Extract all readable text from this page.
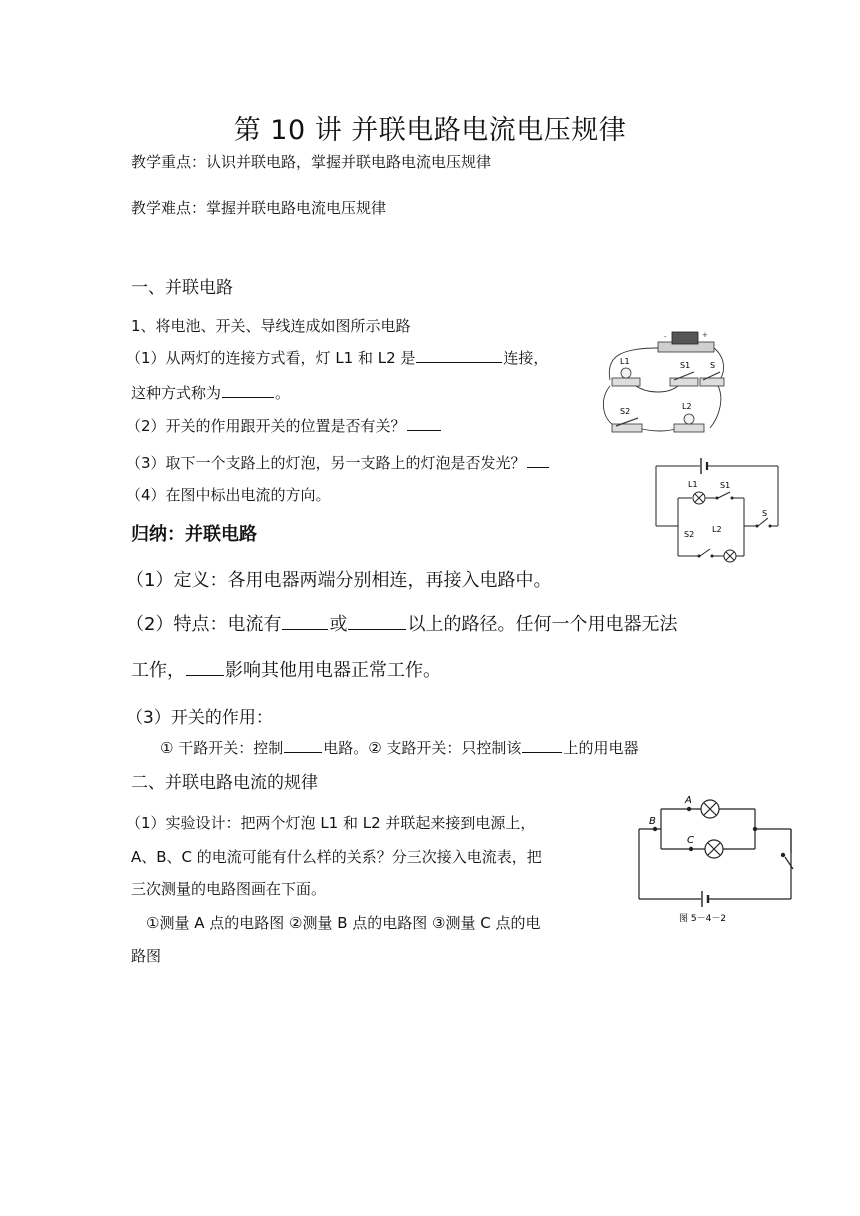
第 10 讲 并联电路电流电压规律
教学重点：认识并联电路，掌握并联电路电流电压规律
教学难点：掌握并联电路电流电压规律
一、并联电路
1、将电池、开关、导线连成如图所示电路
（1）从两灯的连接方式看，灯 L1 和 L2 是	连接，
这种方式称为	。
（2）开关的作用跟开关的位置是否有关？
（3）取下一个支路上的灯泡，另一支路上的灯泡是否发光？
（4）在图中标出电流的方向。
归纳：并联电路
（1）定义：各用电器两端分别相连，再接入电路中。
（2）特点：电流有	或	以上的路径。任何一个用电器无法
工作， 影响其他用电器正常工作。
（3）开关的作用：
① 干路开关：控制	电路。② 支路开关：只控制该	上的用电器
二、并联电路电流的规律
（1）实验设计：把两个灯泡 L1 和 L2 并联起来接到电源上，
A、B、C 的电流可能有什么样的关系？分三次接入电流表，把
三次测量的电路图画在下面。
①测量 A 点的电路图 ②测量 B 点的电路图 ③测量 C 点的电
路图
-	+
L1	S1 S
S2
L2
L1	S1
S
S2
L2
B
A
C
图 5－4－2
